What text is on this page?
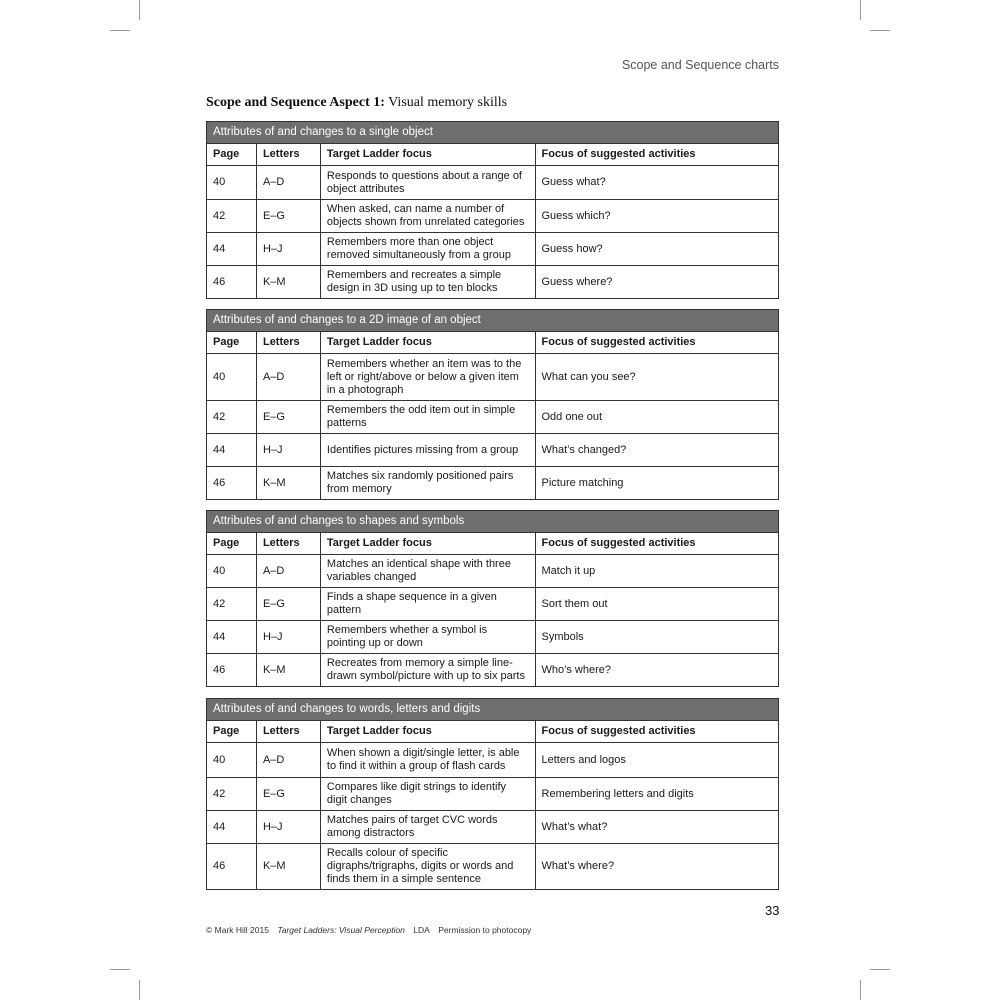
Scope and Sequence charts
Scope and Sequence Aspect 1: Visual memory skills
Attributes of and changes to a single object			
Page	Letters	Target Ladder focus	Focus of suggested activities
40	A–D	Responds to questions about a range of object attributes	Guess what?
42	E–G	When asked, can name a number of objects shown from unrelated categories	Guess which?
44	H–J	Remembers more than one object removed simultaneously from a group	Guess how?
46	K–M	Remembers and recreates a simple design in 3D using up to ten blocks	Guess where?
Attributes of and changes to a 2D image of an object			
Page	Letters	Target Ladder focus	Focus of suggested activities
40	A–D	Remembers whether an item was to the left or right/above or below a given item in a photograph	What can you see?
42	E–G	Remembers the odd item out in simple patterns	Odd one out
44	H–J	Identifies pictures missing from a group	What’s changed?
46	K–M	Matches six randomly positioned pairs from memory	Picture matching
Attributes of and changes to shapes and symbols			
Page	Letters	Target Ladder focus	Focus of suggested activities
40	A–D	Matches an identical shape with three variables changed	Match it up
42	E–G	Finds a shape sequence in a given pattern	Sort them out
44	H–J	Remembers whether a symbol is pointing up or down	Symbols
46	K–M	Recreates from memory a simple line-drawn symbol/picture with up to six parts	Who’s where?
Attributes of and changes to words, letters and digits			
Page	Letters	Target Ladder focus	Focus of suggested activities
40	A–D	When shown a digit/single letter, is able to find it within a group of flash cards	Letters and logos
42	E–G	Compares like digit strings to identify digit changes	Remembering letters and digits
44	H–J	Matches pairs of target CVC words among distractors	What’s what?
46	K–M	Recalls colour of specific digraphs/trigraphs, digits or words and finds them in a simple sentence	What’s where?
33
© Mark Hill 2015 Target Ladders: Visual Perception LDA Permission to photocopy
